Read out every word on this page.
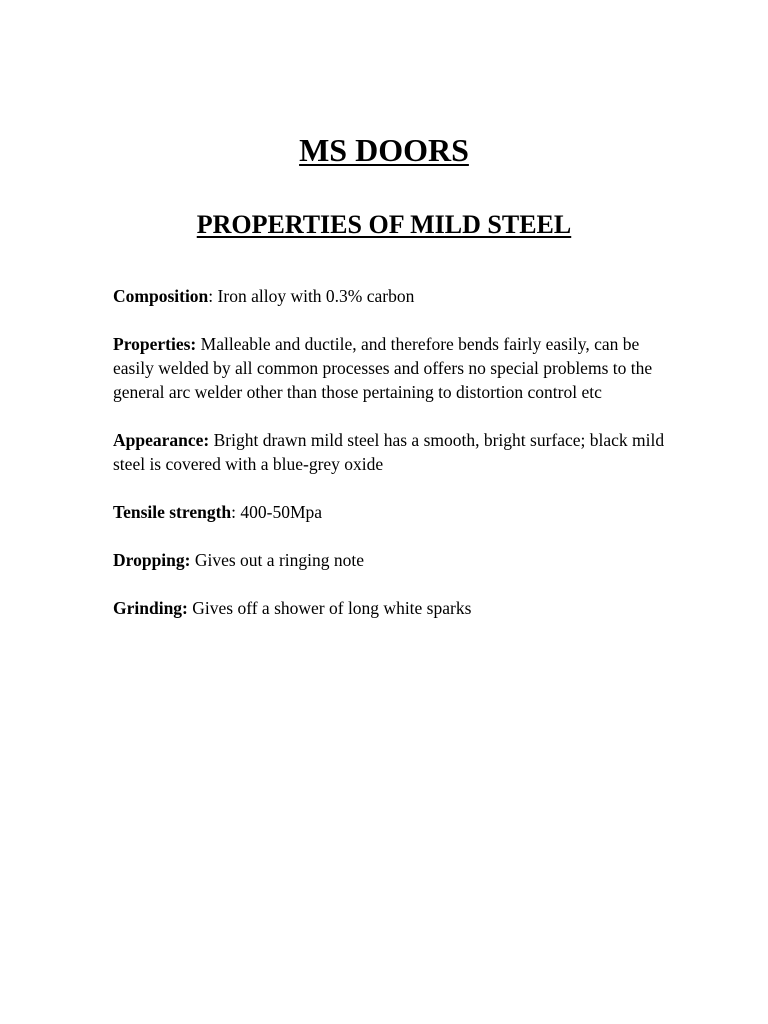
MS DOORS
PROPERTIES OF MILD STEEL

Composition: Iron alloy with 0.3% carbon

Properties: Malleable and ductile, and therefore bends fairly easily, can be easily welded by all common processes and offers no special problems to the general arc welder other than those pertaining to distortion control etc

Appearance: Bright drawn mild steel has a smooth, bright surface; black mild steel is covered with a blue-grey oxide

Tensile strength: 400-50Mpa

Dropping: Gives out a ringing note

Grinding: Gives off a shower of long white sparks
